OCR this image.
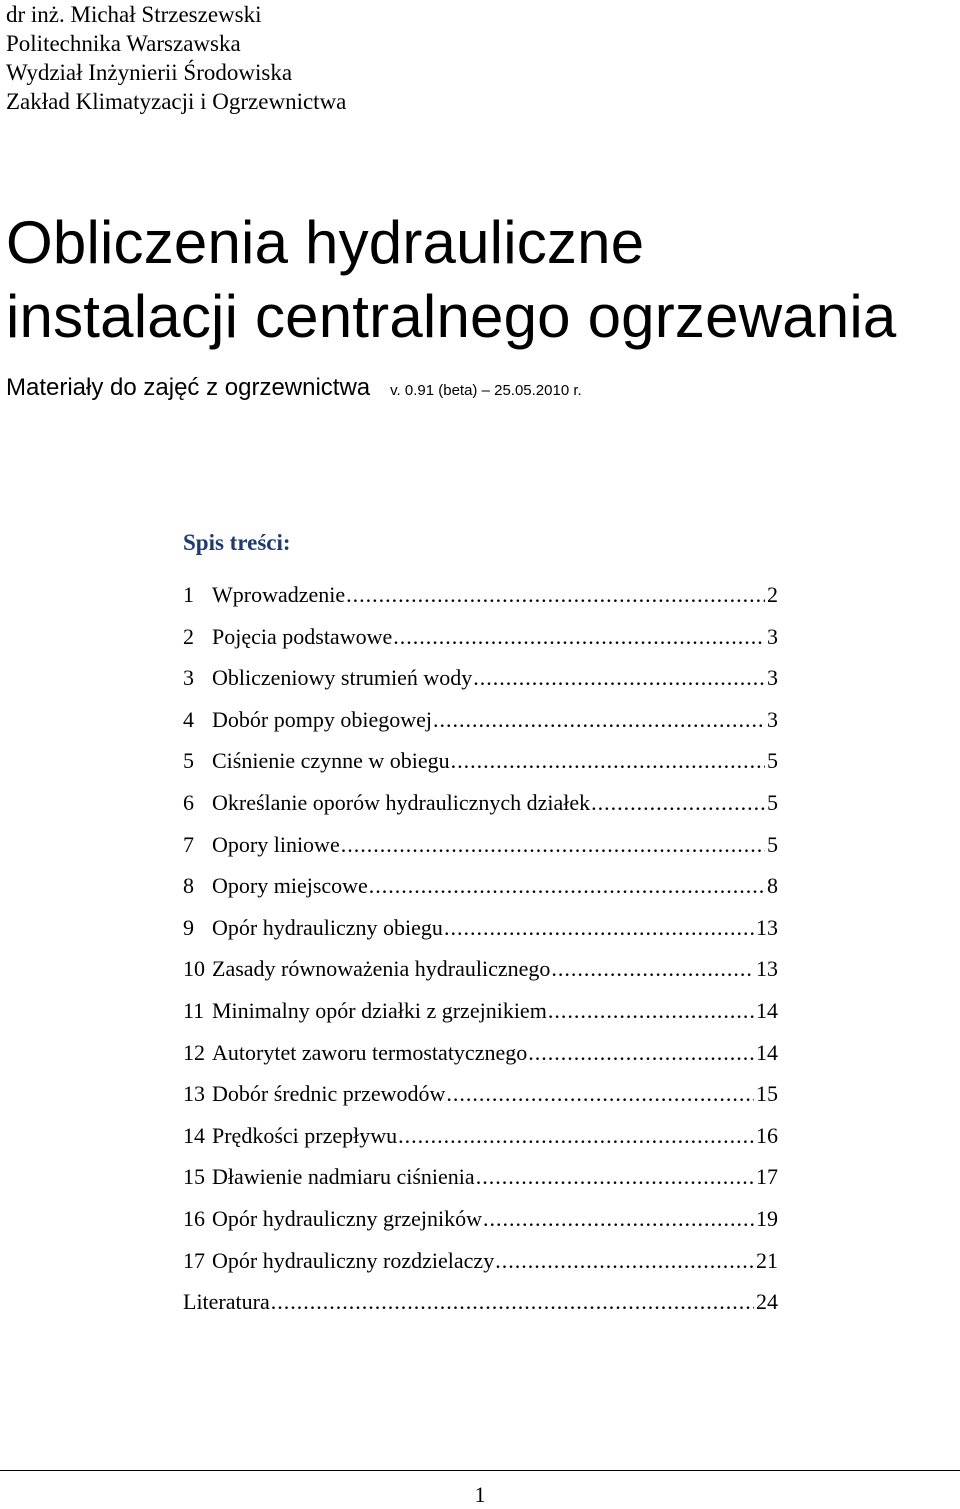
dr inż. Michał Strzeszewski
Politechnika Warszawska
Wydział Inżynierii Środowiska
Zakład Klimatyzacji i Ogrzewnictwa
Obliczenia hydrauliczne
instalacji centralnego ogrzewania
Materiały do zajęć z ogrzewnictwa v. 0.91 (beta) – 25.05.2010 r.
Spis treści:
1 Wprowadzenie .....	2
2 Pojęcia podstawowe .....	3
3 Obliczeniowy strumień wody .....	3
4 Dobór pompy obiegowej .....	3
5 Ciśnienie czynne w obiegu .....	5
6 Określanie oporów hydraulicznych działek .....	5
7 Opory liniowe .....	5
8 Opory miejscowe .....	8
9 Opór hydrauliczny obiegu .....	13
10 Zasady równoważenia hydraulicznego .....	13
11 Minimalny opór działki z grzejnikiem .....	14
12 Autorytet zaworu termostatycznego .....	14
13 Dobór średnic przewodów .....	15
14 Prędkości przepływu .....	16
15 Dławienie nadmiaru ciśnienia .....	17
16 Opór hydrauliczny grzejników .....	19
17 Opór hydrauliczny rozdzielaczy .....	21
Literatura .....	24
1
